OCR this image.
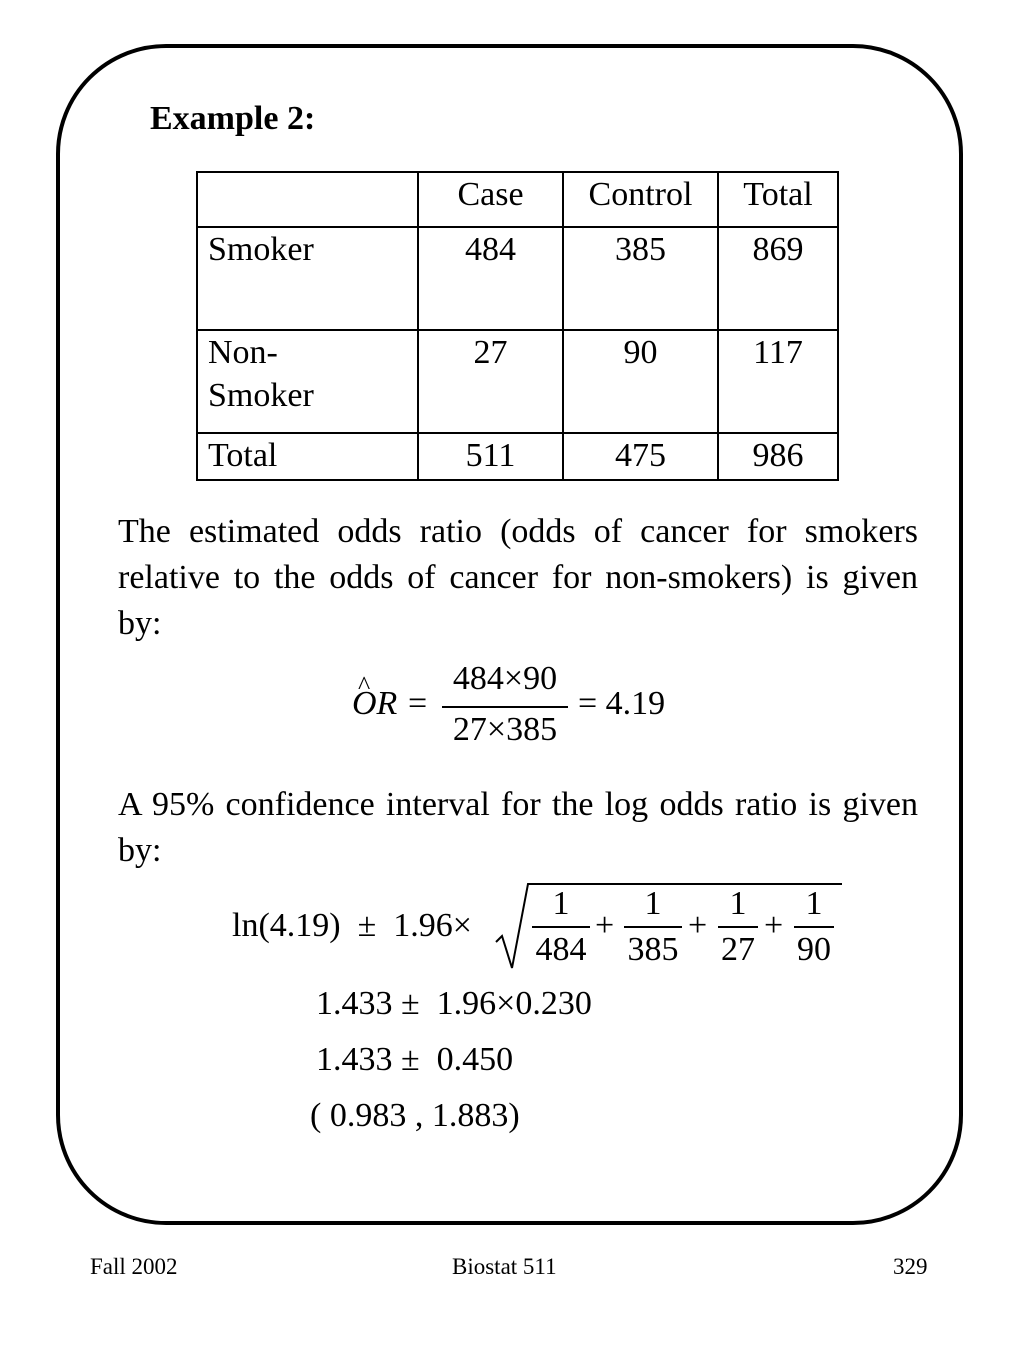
Example 2:
	Case	Control	Total
Smoker	484	385	869
Non-
Smoker	27	90	117
Total	511	475	986
The estimated odds ratio (odds of cancer for smokers relative to the odds of cancer for non-smokers) is given by:
^ OR =
484×90
27×385
= 4.19
A 95% confidence interval for the log odds ratio is given by:
ln(4.19)  ±  1.96×
1
484
+
1
385
+
1
27
+
1
90
1.433 ±  1.96×0.230
1.433 ±  0.450
( 0.983 , 1.883)
Fall 2002	Biostat 511	329
